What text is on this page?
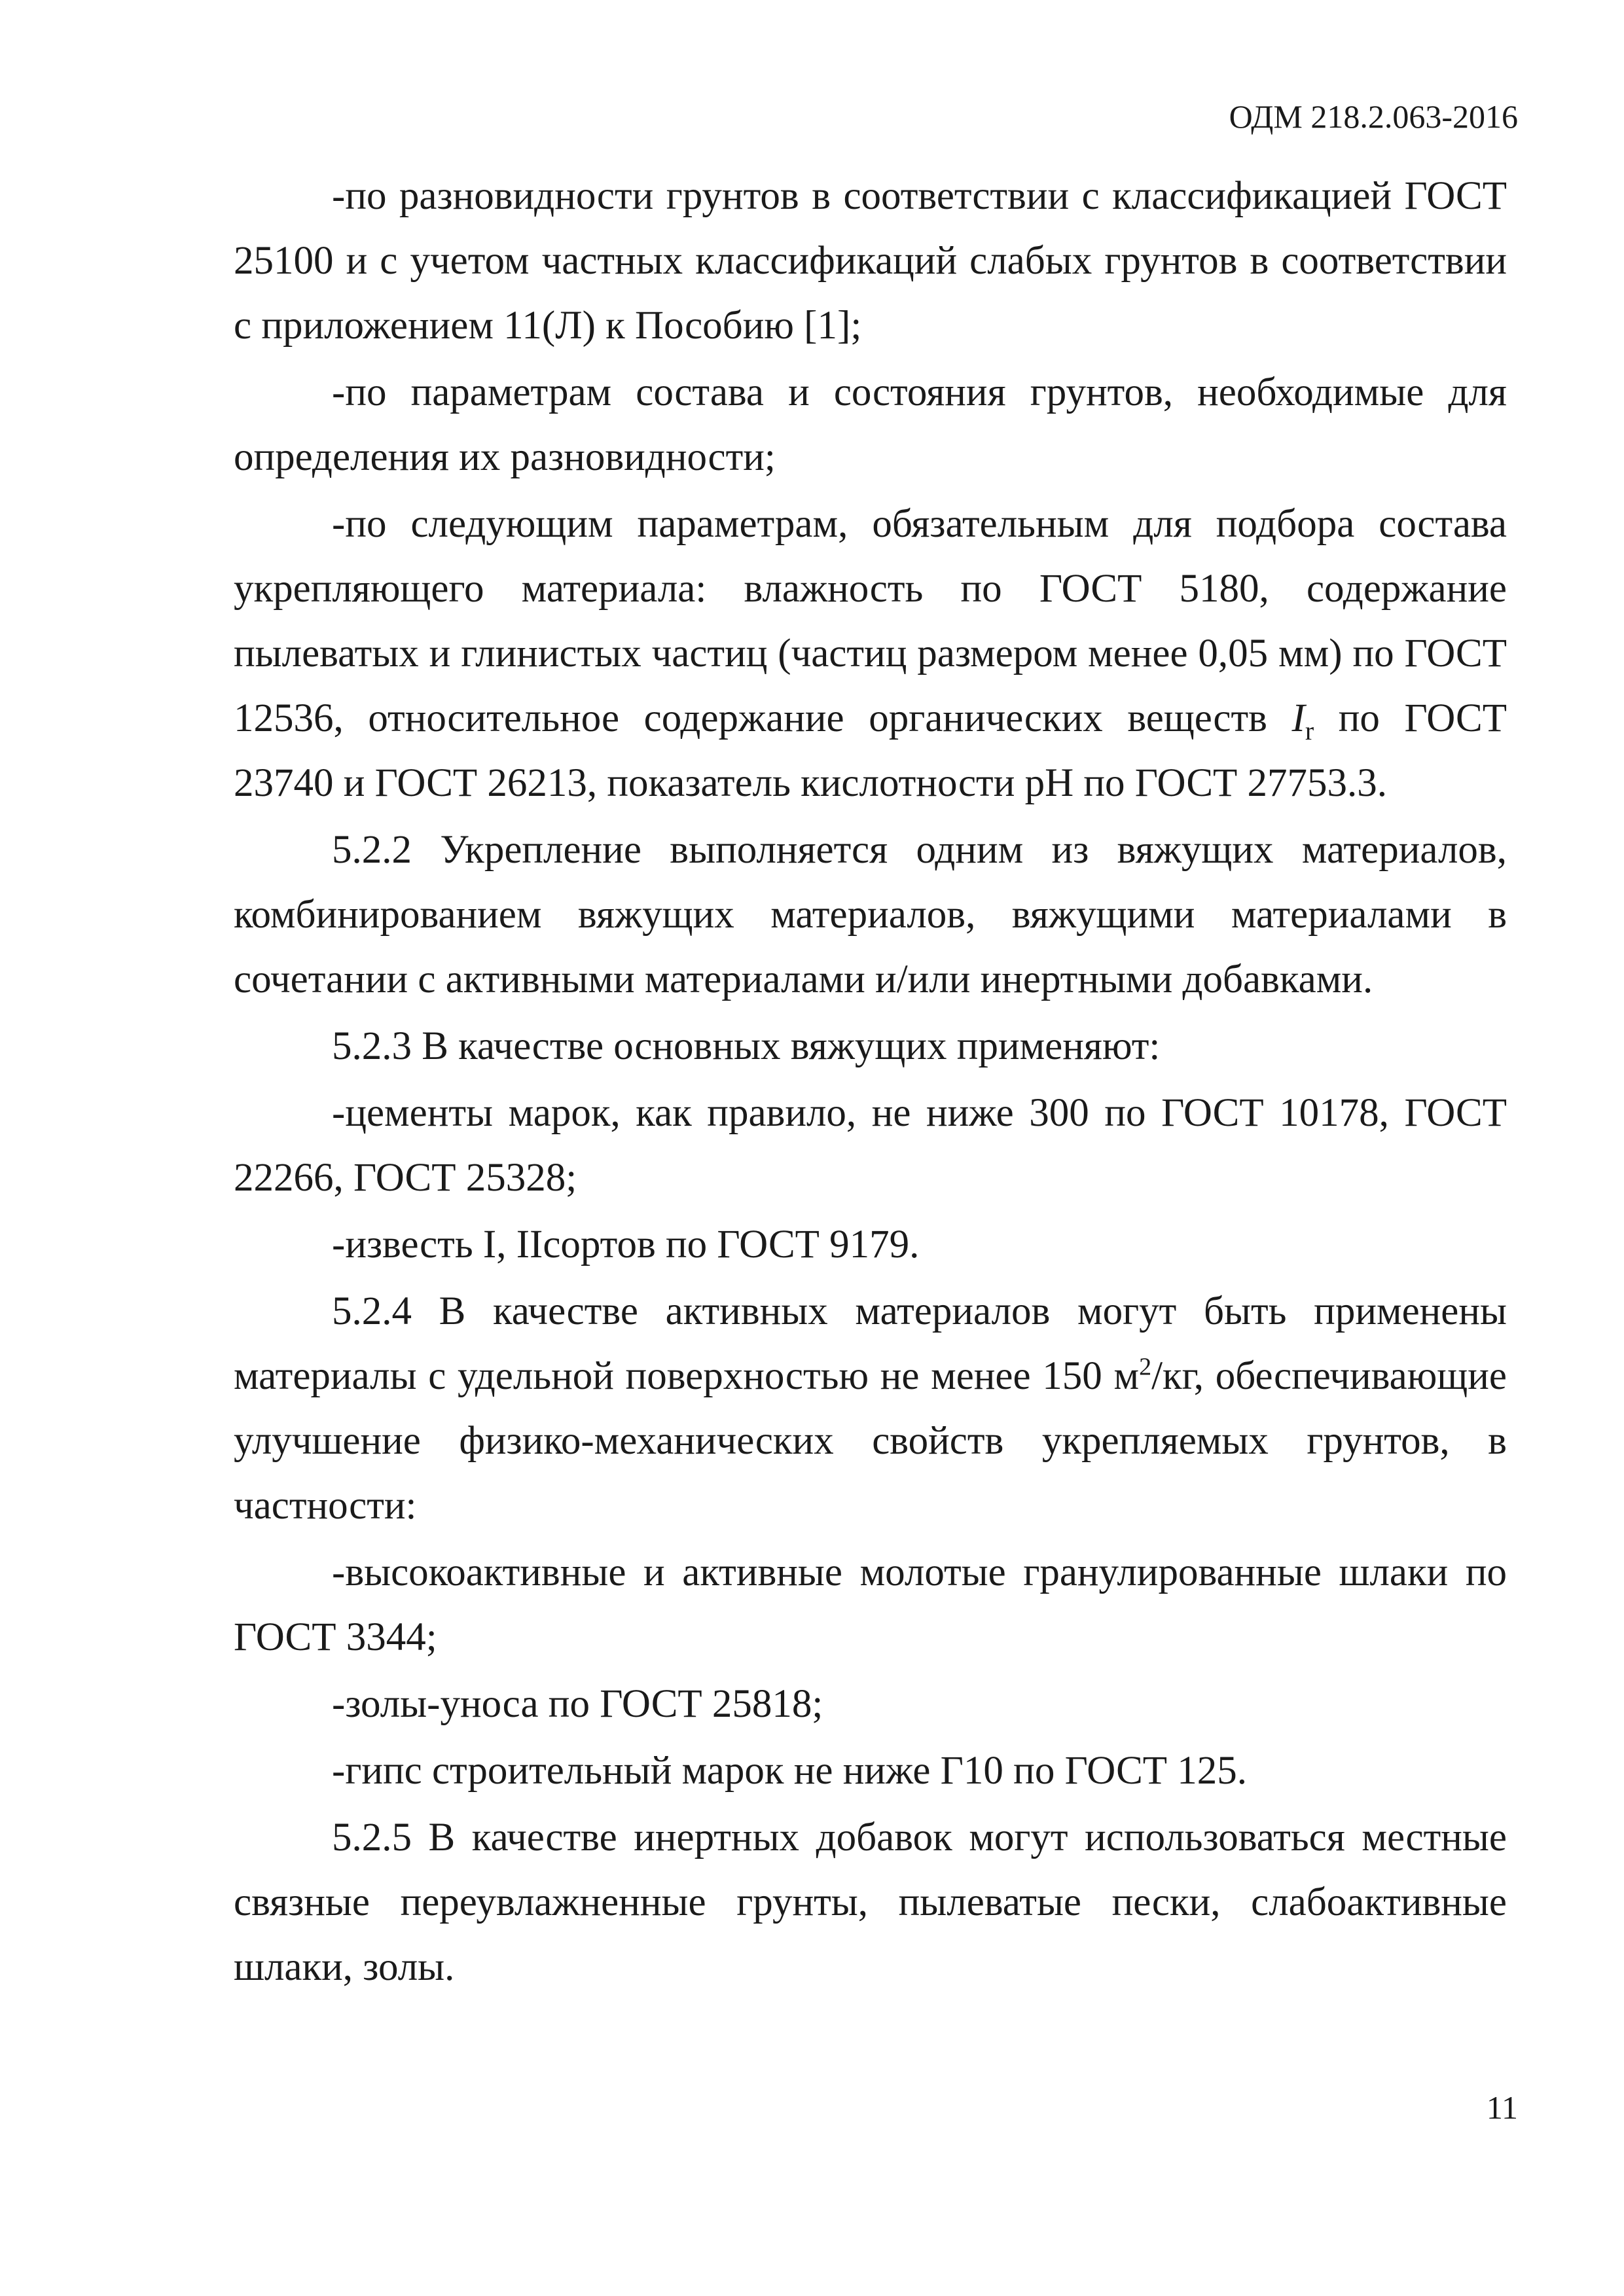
ОДМ 218.2.063-2016

-по разновидности грунтов в соответствии с классификацией ГОСТ 25100 и с учетом частных классификаций слабых грунтов в соответствии с приложением 11(Л) к Пособию [1];

-по параметрам состава и состояния грунтов, необходимые для определения их разновидности;

-по следующим параметрам, обязательным для подбора состава укрепляющего материала: влажность по ГОСТ 5180, содержание пылеватых и глинистых частиц (частиц размером менее 0,05 мм) по ГОСТ 12536, относительное содержание органических веществ $I_r$ по ГОСТ 23740 и ГОСТ 26213, показатель кислотности pH по ГОСТ 27753.3.

5.2.2 Укрепление выполняется одним из вяжущих материалов, комбинированием вяжущих материалов, вяжущими материалами в сочетании с активными материалами и/или инертными добавками.

5.2.3 В качестве основных вяжущих применяют:

-цементы марок, как правило, не ниже 300 по ГОСТ 10178, ГОСТ 22266, ГОСТ 25328;

-известь I, IIсортов по ГОСТ 9179.

5.2.4 В качестве активных материалов могут быть применены материалы с удельной поверхностью не менее 150 $м^2/кг$, обеспечивающие улучшение физико-механических свойств укрепляемых грунтов, в частности:

-высокоактивные и активные молотые гранулированные шлаки по ГОСТ 3344;

-золы-уноса по ГОСТ 25818;

-гипс строительный марок не ниже Г10 по ГОСТ 125.

5.2.5 В качестве инертных добавок могут использоваться местные связные переувлажненные грунты, пылеватые пески, слабоактивные шлаки, золы.

11
